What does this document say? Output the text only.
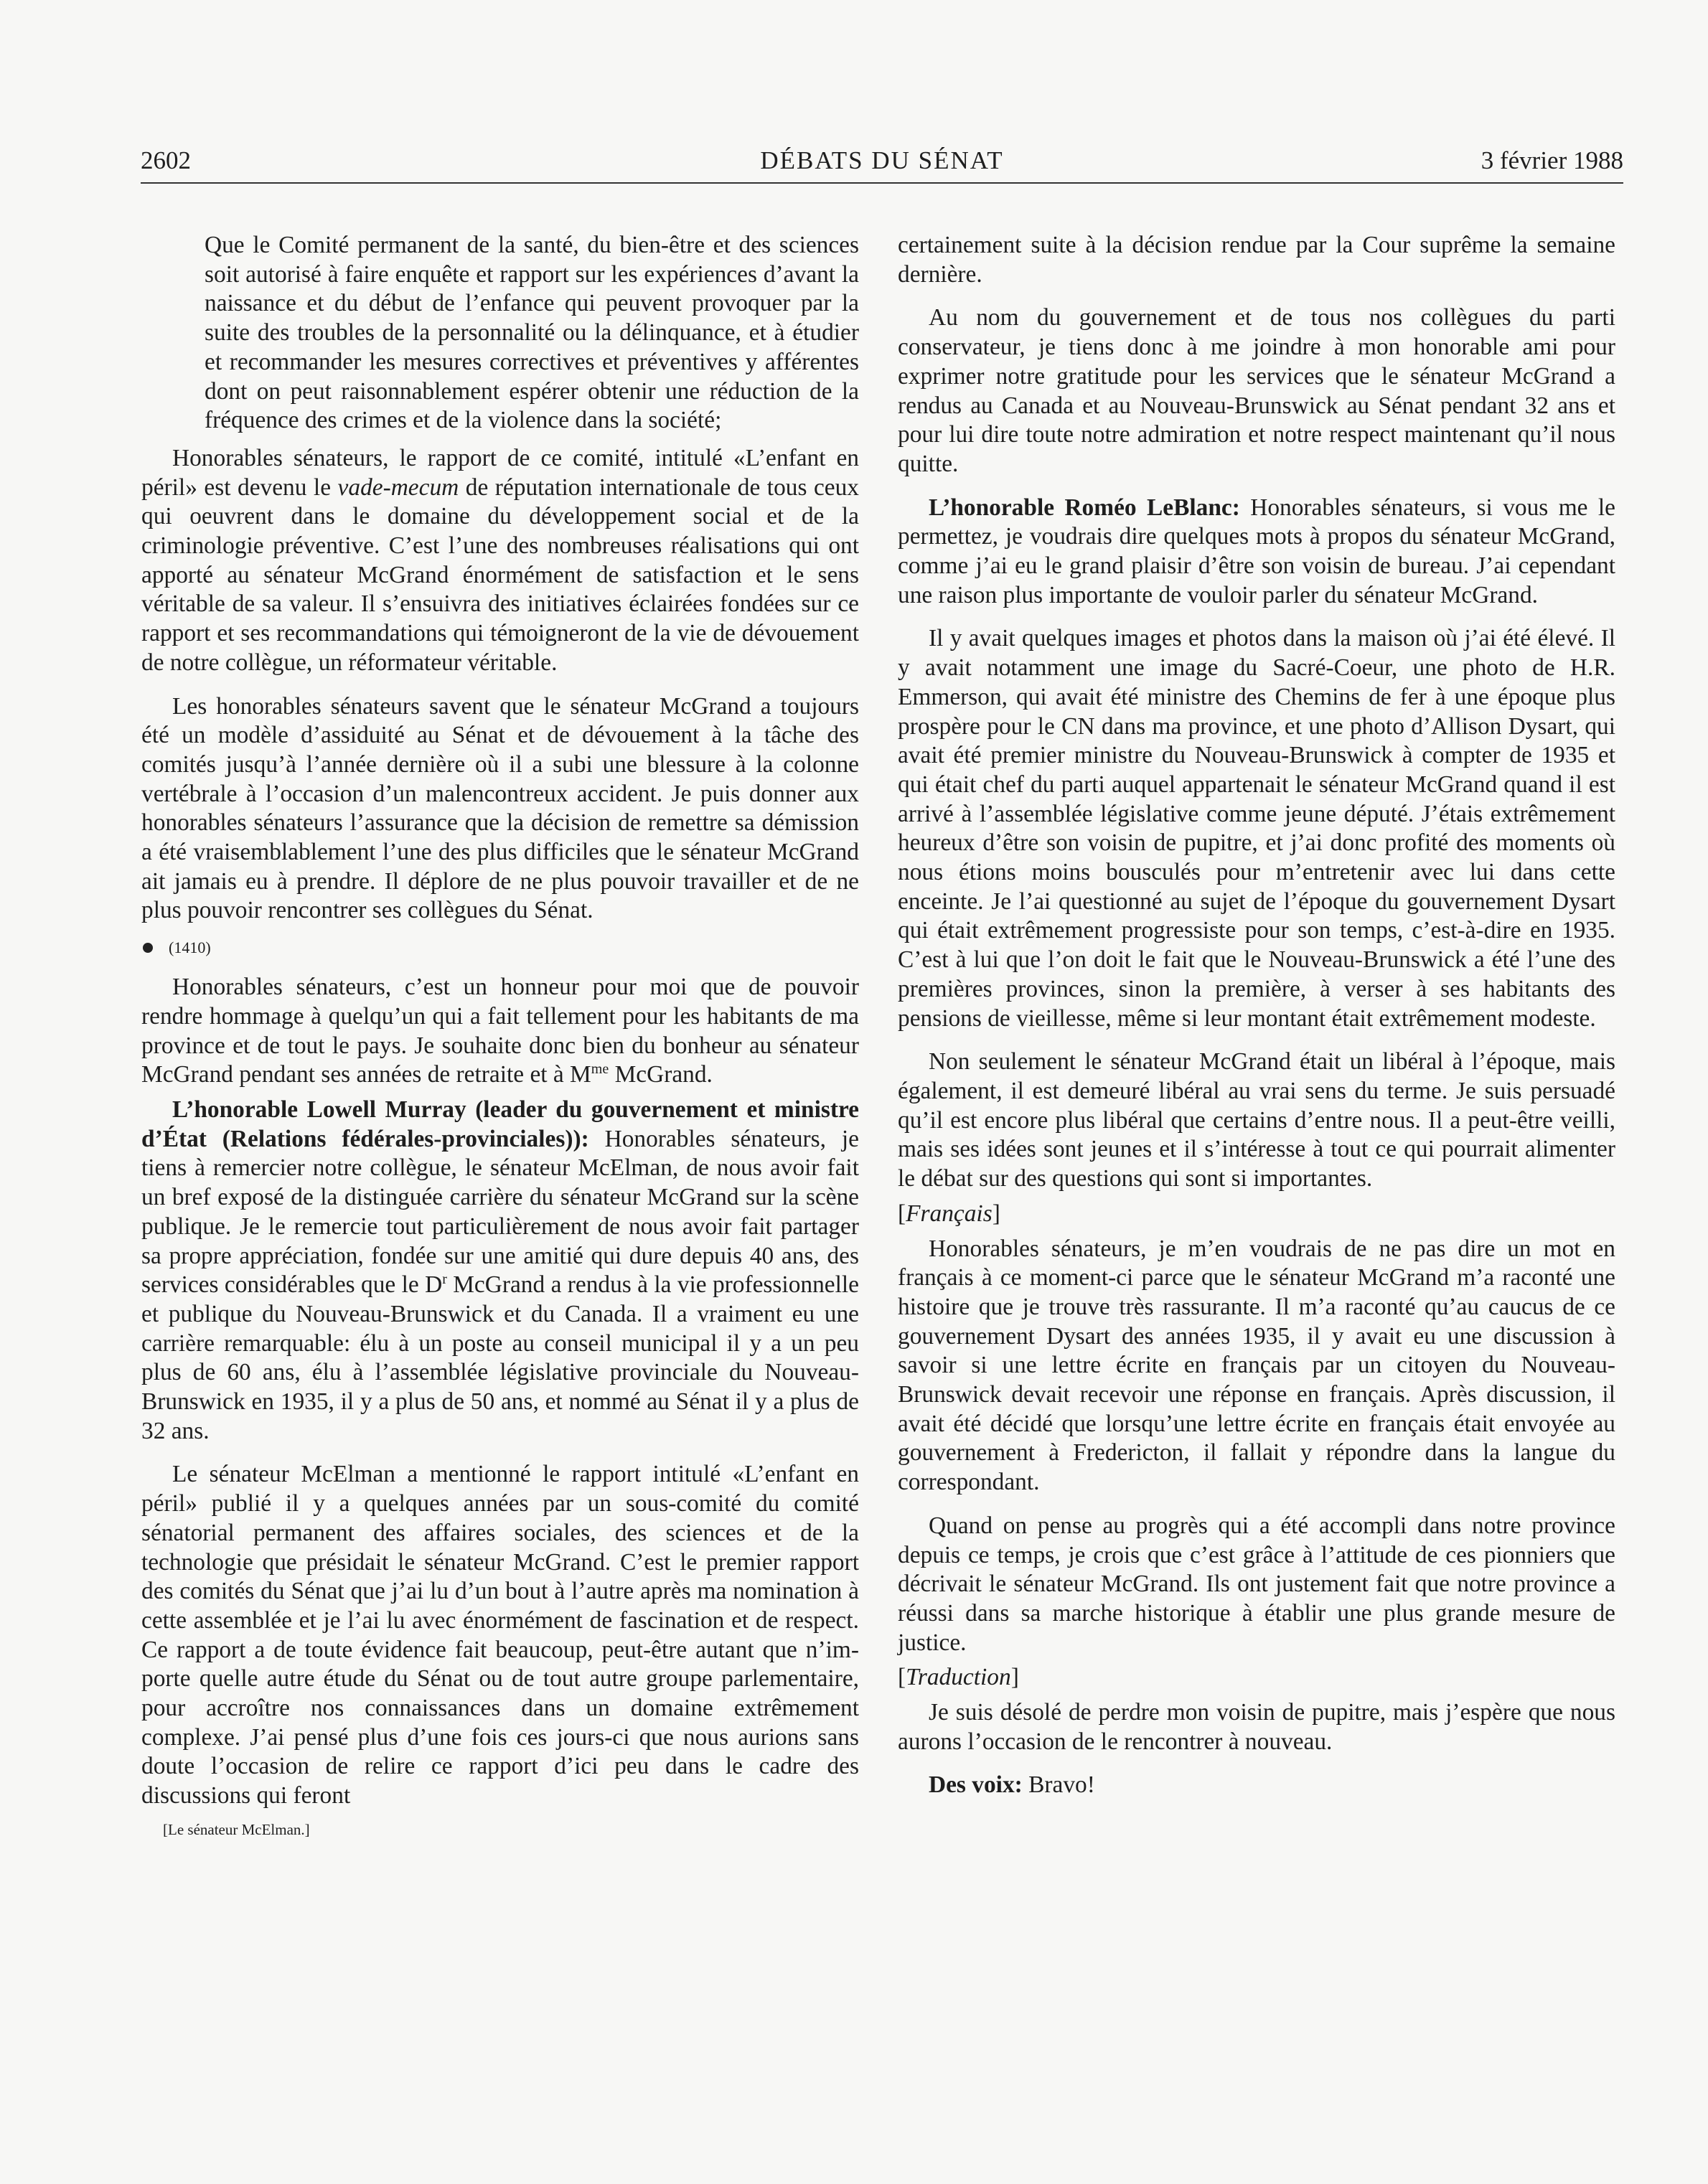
2602	DÉBATS DU SÉNAT	3 février 1988

Que le Comité permanent de la santé, du bien-être et des sciences soit autorisé à faire enquête et rapport sur les expériences d’avant la naissance et du début de l’enfance qui peuvent provoquer par la suite des troubles de la personnalité ou la délinquance, et à étudier et recommander les mesures correctives et préventives y afférentes dont on peut raisonnablement espérer obtenir une réduction de la fréquence des crimes et de la violence dans la société;

Honorables sénateurs, le rapport de ce comité, intitulé «L’enfant en péril» est devenu le vade-mecum de réputation internationale de tous ceux qui oeuvrent dans le domaine du développement social et de la criminologie préventive. C’est l’une des nombreuses réalisations qui ont apporté au sénateur McGrand énormément de satisfaction et le sens véritable de sa valeur. Il s’ensuivra des initiatives éclairées fondées sur ce rapport et ses recommandations qui témoigneront de la vie de dévouement de notre collègue, un réformateur véritable.

Les honorables sénateurs savent que le sénateur McGrand a toujours été un modèle d’assiduité au Sénat et de dévouement à la tâche des comités jusqu’à l’année dernière où il a subi une blessure à la colonne vertébrale à l’occasion d’un malencontreux accident. Je puis donner aux honorables sénateurs l’assurance que la décision de remettre sa démission a été vraisemblablement l’une des plus difficiles que le sénateur McGrand ait jamais eu à prendre. Il déplore de ne plus pouvoir travailler et de ne plus pouvoir rencontrer ses collègues du Sénat.

(1410)

Honorables sénateurs, c’est un honneur pour moi que de pouvoir rendre hommage à quelqu’un qui a fait tellement pour les habitants de ma province et de tout le pays. Je souhaite donc bien du bonheur au sénateur McGrand pendant ses années de retraite et à $M^{me}$ McGrand.

L’honorable Lowell Murray (leader du gouvernement et ministre d’État (Relations fédérales-provinciales)): Honorables sénateurs, je tiens à remercier notre collègue, le sénateur McElman, de nous avoir fait un bref exposé de la distinguée carrière du sénateur McGrand sur la scène publique. Je le remercie tout particulièrement de nous avoir fait partager sa propre appréciation, fondée sur une amitié qui dure depuis 40 ans, des services considérables que le $D^r$ McGrand a rendus à la vie professionnelle et publique du Nouveau-Brunswick et du Canada. Il a vraiment eu une carrière remarquable: élu à un poste au conseil municipal il y a un peu plus de 60 ans, élu à l’assemblée législative provinciale du Nouveau-Brunswick en 1935, il y a plus de 50 ans, et nommé au Sénat il y a plus de 32 ans.

Le sénateur McElman a mentionné le rapport intitulé «L’enfant en péril» publié il y a quelques années par un sous-comité du comité sénatorial permanent des affaires sociales, des sciences et de la technologie que présidait le sénateur McGrand. C’est le premier rapport des comités du Sénat que j’ai lu d’un bout à l’autre après ma nomination à cette assemblée et je l’ai lu avec énormément de fascination et de respect. Ce rapport a de toute évidence fait beaucoup, peut-être autant que n’importe quelle autre étude du Sénat ou de tout autre groupe parlementaire, pour accroître nos connaissances dans un domaine extrêmement complexe. J’ai pensé plus d’une fois ces jours-ci que nous aurions sans doute l’occasion de relire ce rapport d’ici peu dans le cadre des discussions qui feront

[Le sénateur McElman.]

certainement suite à la décision rendue par la Cour suprême la semaine dernière.

Au nom du gouvernement et de tous nos collègues du parti conservateur, je tiens donc à me joindre à mon honorable ami pour exprimer notre gratitude pour les services que le sénateur McGrand a rendus au Canada et au Nouveau-Brunswick au Sénat pendant 32 ans et pour lui dire toute notre admiration et notre respect maintenant qu’il nous quitte.

L’honorable Roméo LeBlanc: Honorables sénateurs, si vous me le permettez, je voudrais dire quelques mots à propos du sénateur McGrand, comme j’ai eu le grand plaisir d’être son voisin de bureau. J’ai cependant une raison plus importante de vouloir parler du sénateur McGrand.

Il y avait quelques images et photos dans la maison où j’ai été élevé. Il y avait notamment une image du Sacré-Coeur, une photo de H.R. Emmerson, qui avait été ministre des Chemins de fer à une époque plus prospère pour le CN dans ma province, et une photo d’Allison Dysart, qui avait été premier ministre du Nouveau-Brunswick à compter de 1935 et qui était chef du parti auquel appartenait le sénateur McGrand quand il est arrivé à l’assemblée législative comme jeune député. J’étais extrêmement heureux d’être son voisin de pupitre, et j’ai donc profité des moments où nous étions moins bousculés pour m’entretenir avec lui dans cette enceinte. Je l’ai questionné au sujet de l’époque du gouvernement Dysart qui était extrêmement progressiste pour son temps, c’est-à-dire en 1935. C’est à lui que l’on doit le fait que le Nouveau-Brunswick a été l’une des premières provinces, sinon la première, à verser à ses habitants des pensions de vieillesse, même si leur montant était extrêmement modeste.

Non seulement le sénateur McGrand était un libéral à l’époque, mais également, il est demeuré libéral au vrai sens du terme. Je suis persuadé qu’il est encore plus libéral que certains d’entre nous. Il a peut-être veilli, mais ses idées sont jeunes et il s’intéresse à tout ce qui pourrait alimenter le débat sur des questions qui sont si importantes.

[Français]

Honorables sénateurs, je m’en voudrais de ne pas dire un mot en français à ce moment-ci parce que le sénateur McGrand m’a raconté une histoire que je trouve très rassurante. Il m’a raconté qu’au caucus de ce gouvernement Dysart des années 1935, il y avait eu une discussion à savoir si une lettre écrite en français par un citoyen du Nouveau-Brunswick devait recevoir une réponse en français. Après discussion, il avait été décidé que lorsqu’une lettre écrite en français était envoyée au gouvernement à Fredericton, il fallait y répondre dans la langue du correspondant.

Quand on pense au progrès qui a été accompli dans notre province depuis ce temps, je crois que c’est grâce à l’attitude de ces pionniers que décrivait le sénateur McGrand. Ils ont justement fait que notre province a réussi dans sa marche historique à établir une plus grande mesure de justice.

[Traduction]

Je suis désolé de perdre mon voisin de pupitre, mais j’espère que nous aurons l’occasion de le rencontrer à nouveau.

Des voix: Bravo!
